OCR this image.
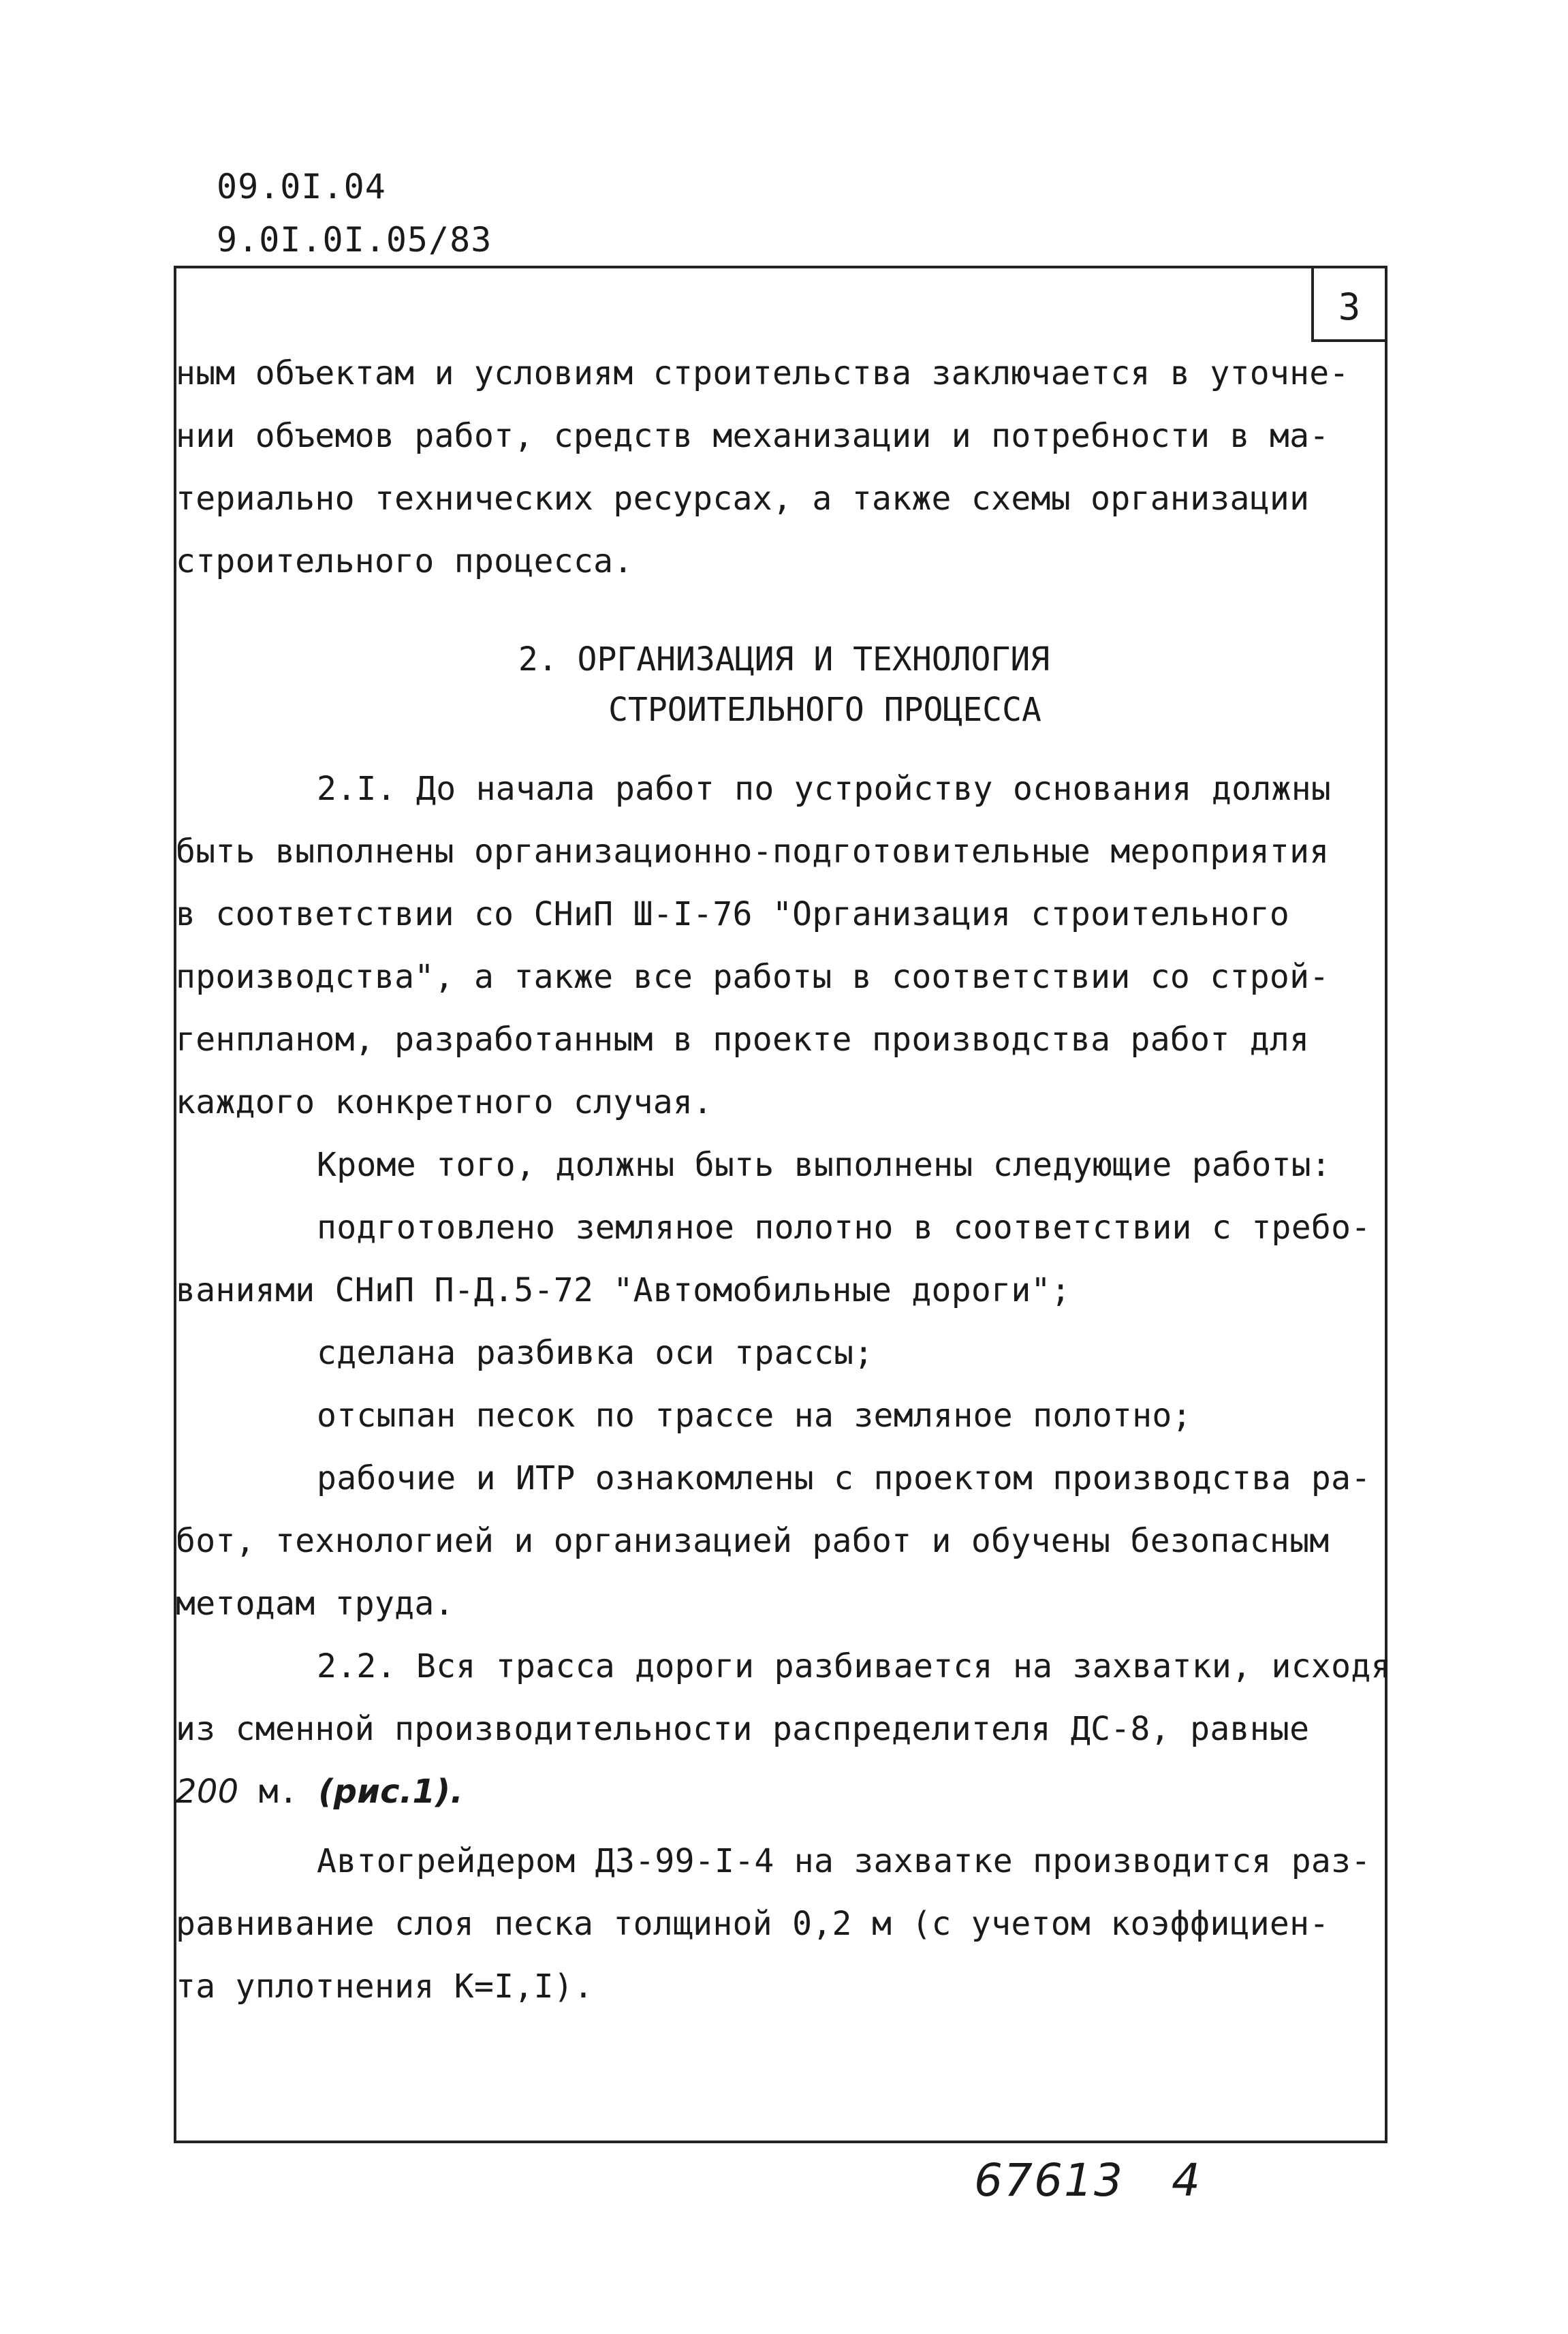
09.0I.04
9.0I.0I.05/83
3
ным объектам и условиям строительства заключается в уточне-
нии объемов работ, средств механизации и потребности в ма-
териально технических ресурсах, а также схемы организации
строительного процесса.
2. ОРГАНИЗАЦИЯ И ТЕХНОЛОГИЯ
СТРОИТЕЛЬНОГО ПРОЦЕССА
2.I. До начала работ по устройству основания должны
быть выполнены организационно-подготовительные мероприятия
в соответствии со СНиП Ш-I-76 "Организация строительного
производства", а также все работы в соответствии со строй-
генпланом, разработанным в проекте производства работ для
каждого конкретного случая.
Кроме того, должны быть выполнены следующие работы:
подготовлено земляное полотно в соответствии с требо-
ваниями СНиП П-Д.5-72 "Автомобильные дороги";
сделана разбивка оси трассы;
отсыпан песок по трассе на земляное полотно;
рабочие и ИТР ознакомлены с проектом производства ра-
бот, технологией и организацией работ и обучены безопасным
методам труда.
2.2. Вся трасса дороги разбивается на захватки, исходя
из сменной производительности распределителя ДС-8, равные
200 м. (рис.1).
Автогрейдером ДЗ-99-I-4 на захватке производится раз-
равнивание слоя песка толщиной 0,2 м (с учетом коэффициен-
та уплотнения К=I,I).
67613 4
